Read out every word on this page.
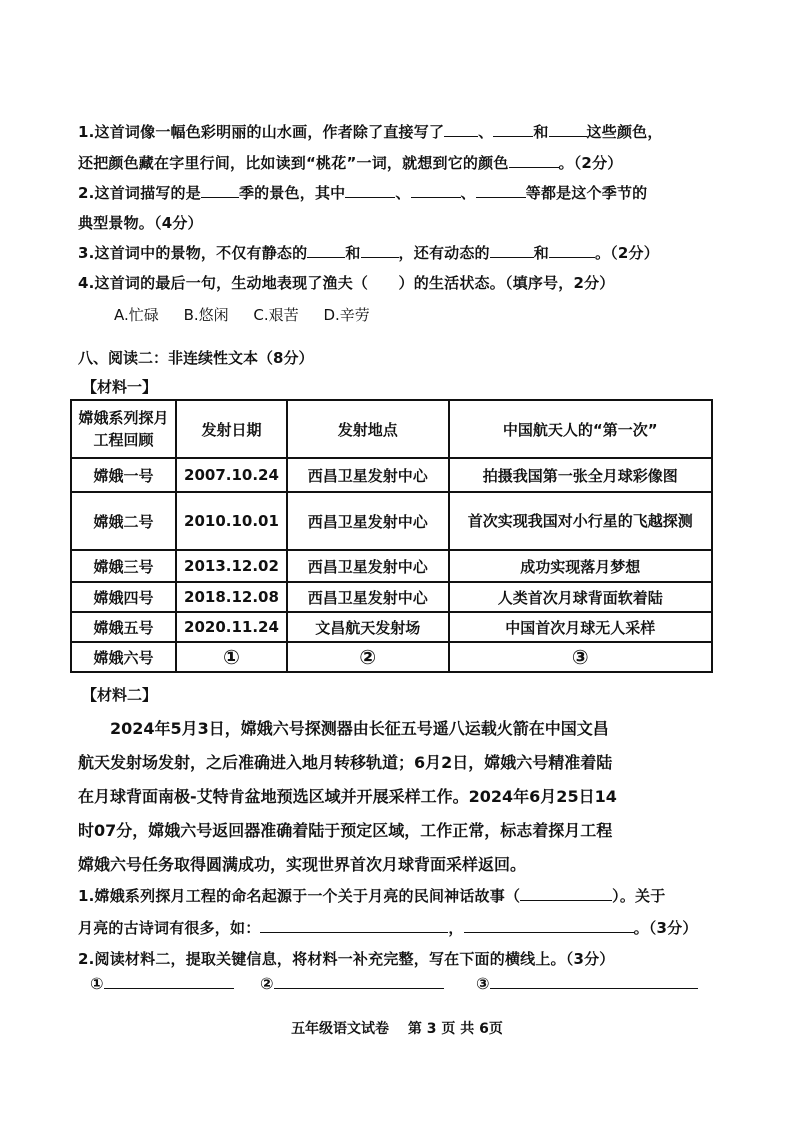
1.这首词像一幅色彩明丽的山水画，作者除了直接写了 、	和	这些颜色，
还把颜色藏在字里行间，比如读到“桃花”一词，就想到它的颜色	。（2分）
2.这首词描写的是	季的景色，其中	、	、	等都是这个季节的
典型景物。（4分）
3.这首词中的景物，不仅有静态的	和	，还有动态的	和	。（2分）
4.这首词的最后一句，生动地表现了渔夫（　　）的生活状态。（填序号，2分）
A.忙碌 B.悠闲 C.艰苦 D.辛劳
八、阅读二：非连续性文本（8分）
【材料一】
嫦娥系列探月工程回顾	发射日期	发射地点	中国航天人的“第一次”
嫦娥一号	2007.10.24	西昌卫星发射中心	拍摄我国第一张全月球彩像图
嫦娥二号	2010.10.01	西昌卫星发射中心	首次实现我国对小行星的飞越探测
嫦娥三号	2013.12.02	西昌卫星发射中心	成功实现落月梦想
嫦娥四号	2018.12.08	西昌卫星发射中心	人类首次月球背面软着陆
嫦娥五号	2020.11.24	文昌航天发射场	中国首次月球无人采样
嫦娥六号	①	②	③
【材料二】

　　2024年5月3日，嫦娥六号探测器由长征五号遥八运载火箭在中国文昌

航天发射场发射，之后准确进入地月转移轨道；6月2日，嫦娥六号精准着陆

在月球背面南极-艾特肯盆地预选区域并开展采样工作。2024年6月25日14

时07分，嫦娥六号返回器准确着陆于预定区域，工作正常，标志着探月工程

嫦娥六号任务取得圆满成功，实现世界首次月球背面采样返回。

1.嫦娥系列探月工程的命名起源于一个关于月亮的民间神话故事（	）。关于
月亮的古诗词有很多，如：	，	。（3分）
2.阅读材料二，提取关键信息，将材料一补充完整，写在下面的横线上。（3分）
①	②	③
五年级语文试卷　 第 3 页 共 6页
